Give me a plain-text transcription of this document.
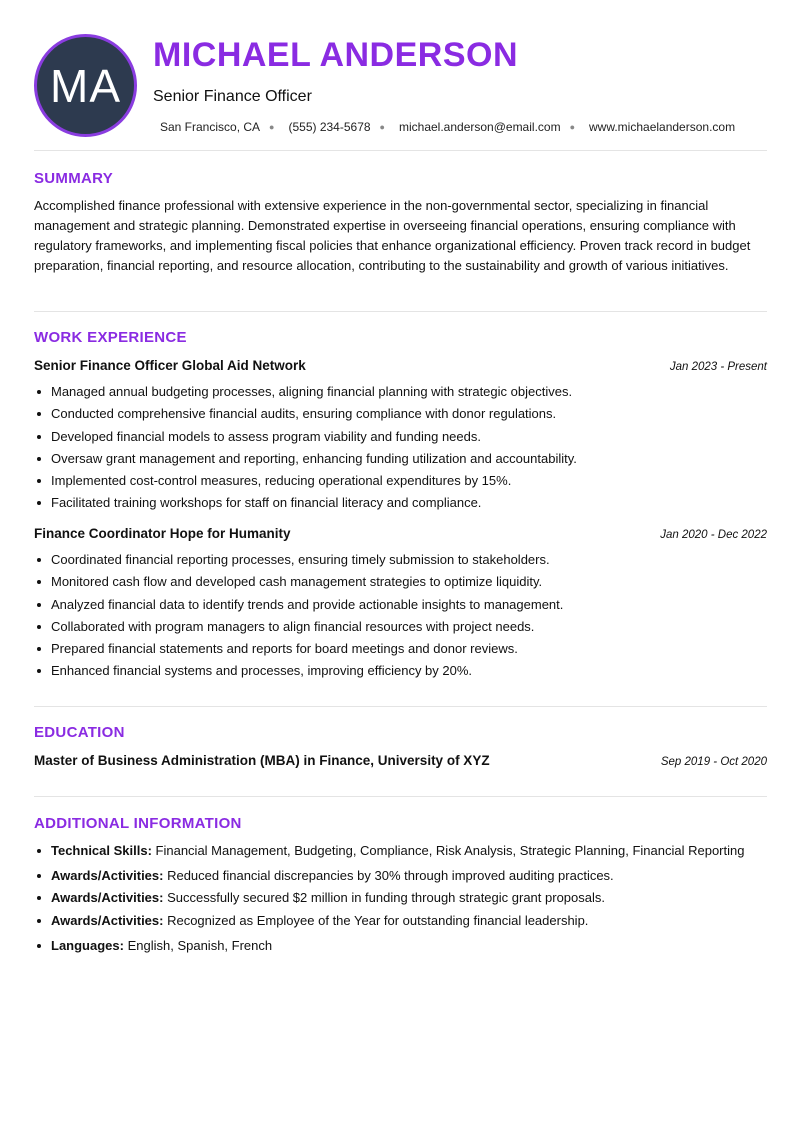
MA
MICHAEL ANDERSON
Senior Finance Officer
San Francisco, CA ● (555) 234-5678 ● michael.anderson@email.com ● www.michaelanderson.com
SUMMARY
Accomplished finance professional with extensive experience in the non-governmental sector, specializing in financial management and strategic planning. Demonstrated expertise in overseeing financial operations, ensuring compliance with regulatory frameworks, and implementing fiscal policies that enhance organizational efficiency. Proven track record in budget preparation, financial reporting, and resource allocation, contributing to the sustainability and growth of various initiatives.
WORK EXPERIENCE
Senior Finance Officer Global Aid Network	Jan 2023 - Present
Managed annual budgeting processes, aligning financial planning with strategic objectives.
Conducted comprehensive financial audits, ensuring compliance with donor regulations.
Developed financial models to assess program viability and funding needs.
Oversaw grant management and reporting, enhancing funding utilization and accountability.
Implemented cost-control measures, reducing operational expenditures by 15%.
Facilitated training workshops for staff on financial literacy and compliance.
Finance Coordinator Hope for Humanity	Jan 2020 - Dec 2022
Coordinated financial reporting processes, ensuring timely submission to stakeholders.
Monitored cash flow and developed cash management strategies to optimize liquidity.
Analyzed financial data to identify trends and provide actionable insights to management.
Collaborated with program managers to align financial resources with project needs.
Prepared financial statements and reports for board meetings and donor reviews.
Enhanced financial systems and processes, improving efficiency by 20%.
EDUCATION
Master of Business Administration (MBA) in Finance, University of XYZ	Sep 2019 - Oct 2020
ADDITIONAL INFORMATION
Technical Skills: Financial Management, Budgeting, Compliance, Risk Analysis, Strategic Planning, Financial Reporting
Awards/Activities: Reduced financial discrepancies by 30% through improved auditing practices.
Awards/Activities: Successfully secured $2 million in funding through strategic grant proposals.
Awards/Activities: Recognized as Employee of the Year for outstanding financial leadership.
Languages: English, Spanish, French
